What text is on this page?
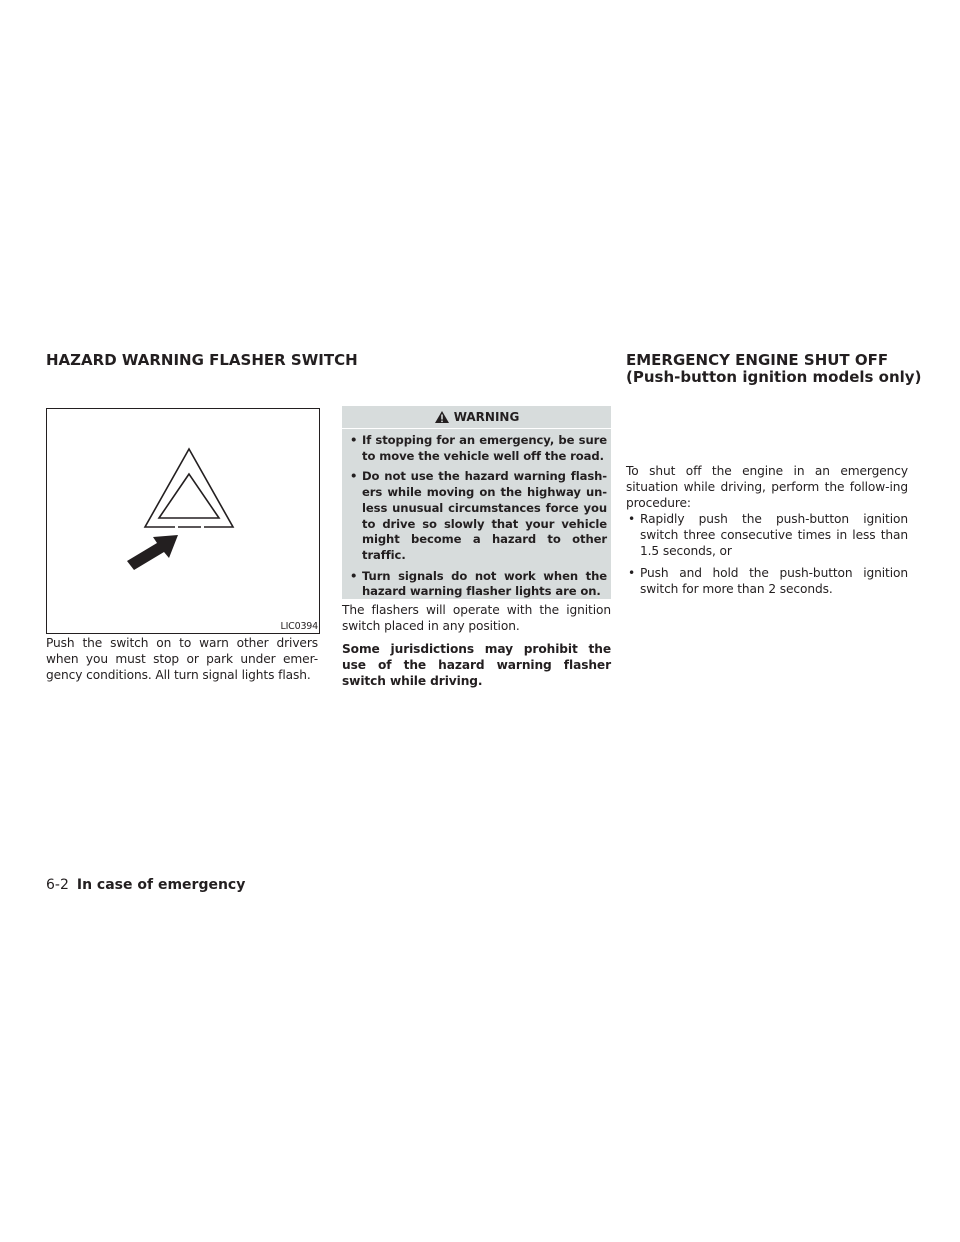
HAZARD WARNING FLASHER SWITCH
LIC0394

Push the switch on to warn other drivers when you must stop or park under emer-gency conditions. All turn signal lights flash.

WARNING
• If stopping for an emergency, be sure to move the vehicle well off the road.
• Do not use the hazard warning flash-ers while moving on the highway un-less unusual circumstances force you to drive so slowly that your vehicle might become a hazard to other traffic.
• Turn signals do not work when the hazard warning flasher lights are on.

The flashers will operate with the ignition switch placed in any position.

Some jurisdictions may prohibit the use of the hazard warning flasher switch while driving.

EMERGENCY ENGINE SHUT OFF
(Push-button ignition models only)

To shut off the engine in an emergency situation while driving, perform the follow-ing procedure:

• Rapidly push the push-button ignition switch three consecutive times in less than 1.5 seconds, or
• Push and hold the push-button ignition switch for more than 2 seconds.
6-2 In case of emergency
